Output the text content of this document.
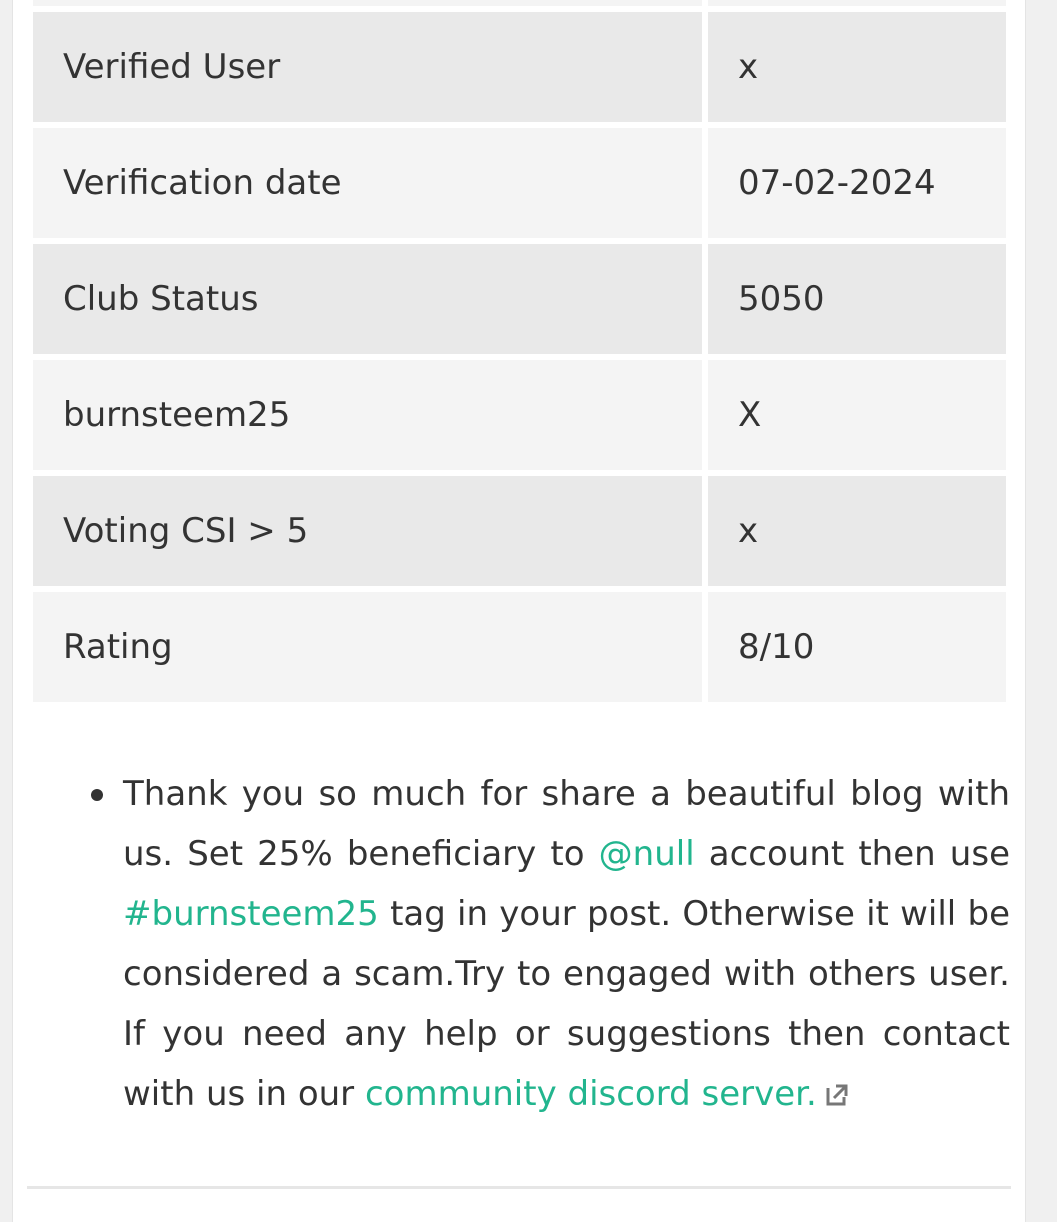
Verified User	x
Verification date	07-02-2024
Club Status	5050
burnsteem25	X
Voting CSI > 5	x
Rating	8/10
Thank you so much for share a beautiful blog with us. Set 25% beneficiary to @null account then use #burnsteem25 tag in your post. Otherwise it will be considered a scam.Try to engaged with others user. If you need any help or suggestions then contact with us in our community discord server.
